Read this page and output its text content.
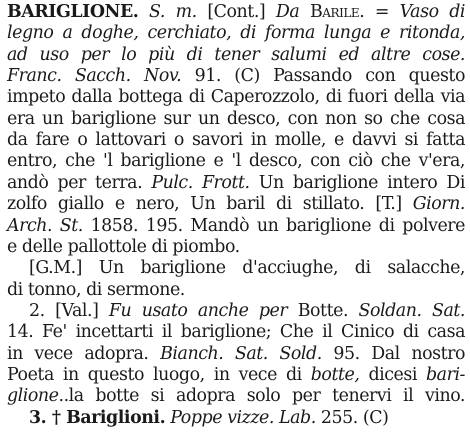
BARIGLIONE. S. m. [Cont.] Da Barile. = Vaso di
legno a doghe, cerchiato, di forma lunga e ritonda,
ad uso per lo più di tener salumi ed altre cose.
Franc. Sacch. Nov. 91. (C) Passando con questo
impeto dalla bottega di Caperozzolo, di fuori della via
era un bariglione sur un desco, con non so che cosa
da fare o lattovari o savori in molle, e davvi si fatta
entro, che 'l bariglione e 'l desco, con ciò che v'era,
andò per terra. Pulc. Frott. Un bariglione intero Di
zolfo giallo e nero, Un baril di stillato. [T.] Giorn.
Arch. St. 1858. 195. Mandò un bariglione di polvere
e delle pallottole di piombo.
[G.M.] Un bariglione d'acciughe, di salacche,
di tonno, di sermone.
2. [Val.] Fu usato anche per Botte. Soldan. Sat.
14. Fe' incettarti il bariglione; Che il Cinico di casa
in vece adopra. Bianch. Sat. Sold. 95. Dal nostro
Poeta in questo luogo, in vece di botte, dicesi bari-
glione..la botte si adopra solo per tenervi il vino.
3. † Bariglioni. Poppe vizze. Lab. 255. (C)
